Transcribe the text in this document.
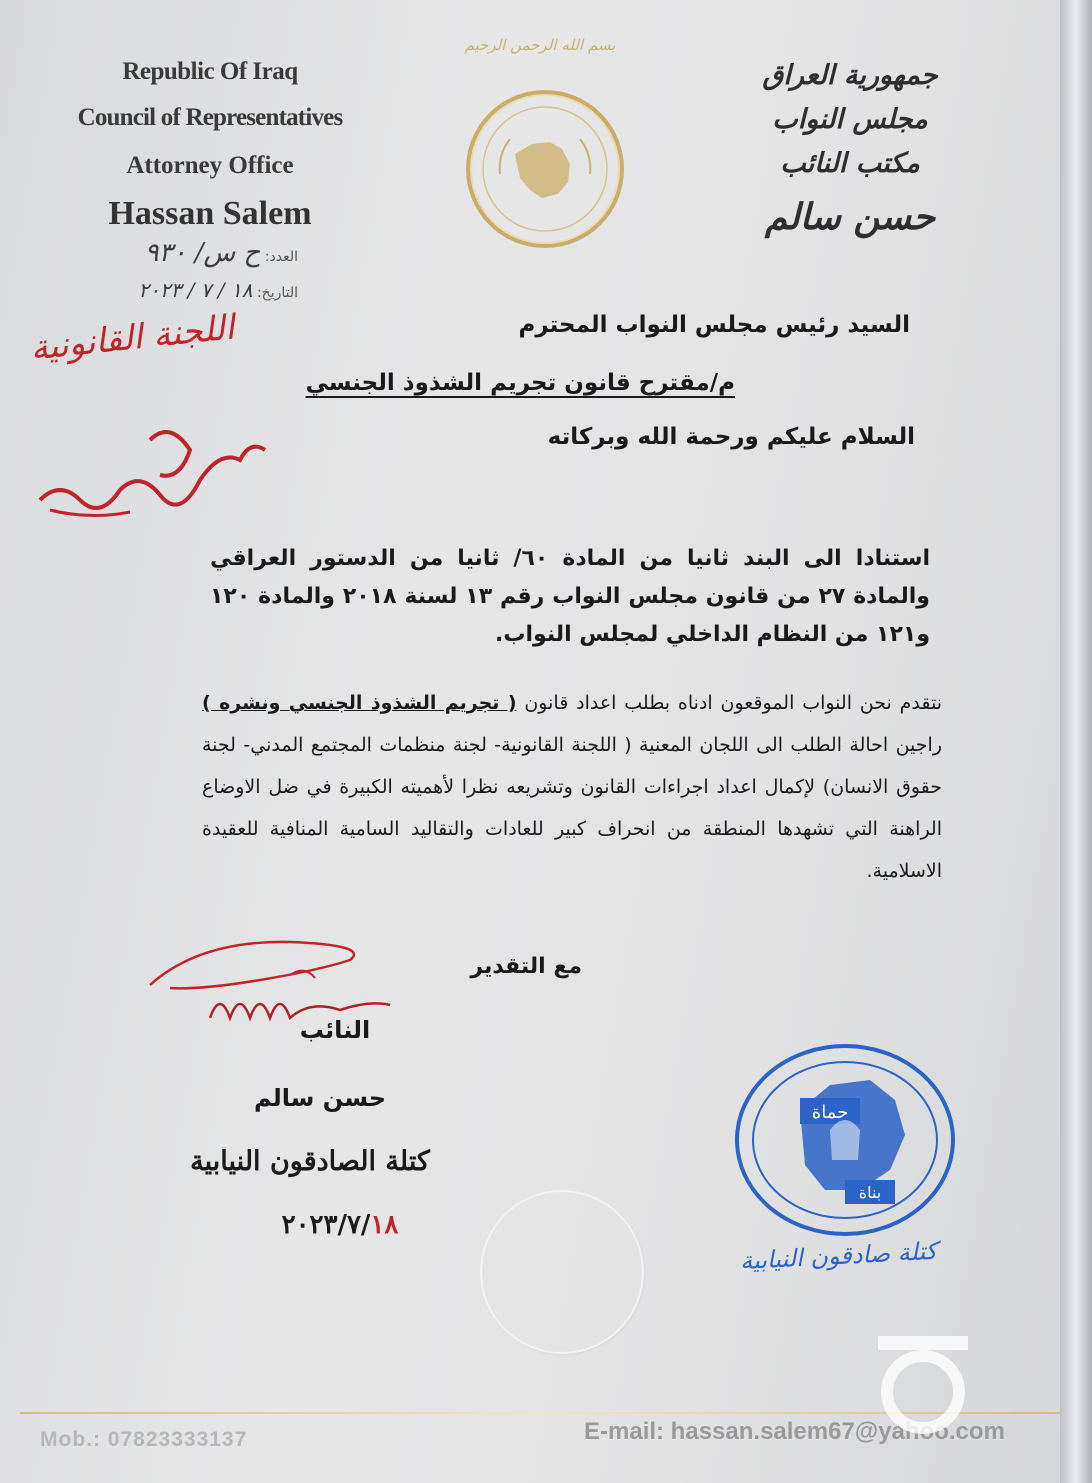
بسم الله الرحمن الرحيم
Republic Of Iraq
Council of Representatives
Attorney Office
Hassan Salem
جمهورية العراق
مجلس النواب
مكتب النائب
حسن سالم
العدد: ح س/ ٩٣٠
التاريخ: ١٨ / ٧ / ٢٠٢٣
اللجنة القانونية	السيد رئيس مجلس النواب المحترم
م/مقترح قانون تجريم الشذوذ الجنسي
السلام عليكم ورحمة الله وبركاته
استنادا الى البند ثانيا من المادة ٦٠/ ثانيا من الدستور العراقي والمادة ٢٧ من قانون مجلس النواب رقم ١٣ لسنة ٢٠١٨ والمادة ١٢٠ و١٢١ من النظام الداخلي لمجلس النواب.
نتقدم نحن النواب الموقعون ادناه بطلب اعداد قانون ( تجريم الشذوذ الجنسي ونشره ) راجين احالة الطلب الى اللجان المعنية ( اللجنة القانونية- لجنة منظمات المجتمع المدني- لجنة حقوق الانسان) لإكمال اعداد اجراءات القانون وتشريعه نظرا لأهميته الكبيرة في ضل الاوضاع الراهنة التي تشهدها المنطقة من انحراف كبير للعادات والتقاليد السامية المنافية للعقيدة الاسلامية.
مع التقدير
النائب
حسن سالم
كتلة الصادقون النيابية
٢٠٢٣/٧/١٨
حماة
بناة
كتلة صادقون النيابية
Mob.: 07823333137	E-mail: hassan.salem67@yahoo.com
